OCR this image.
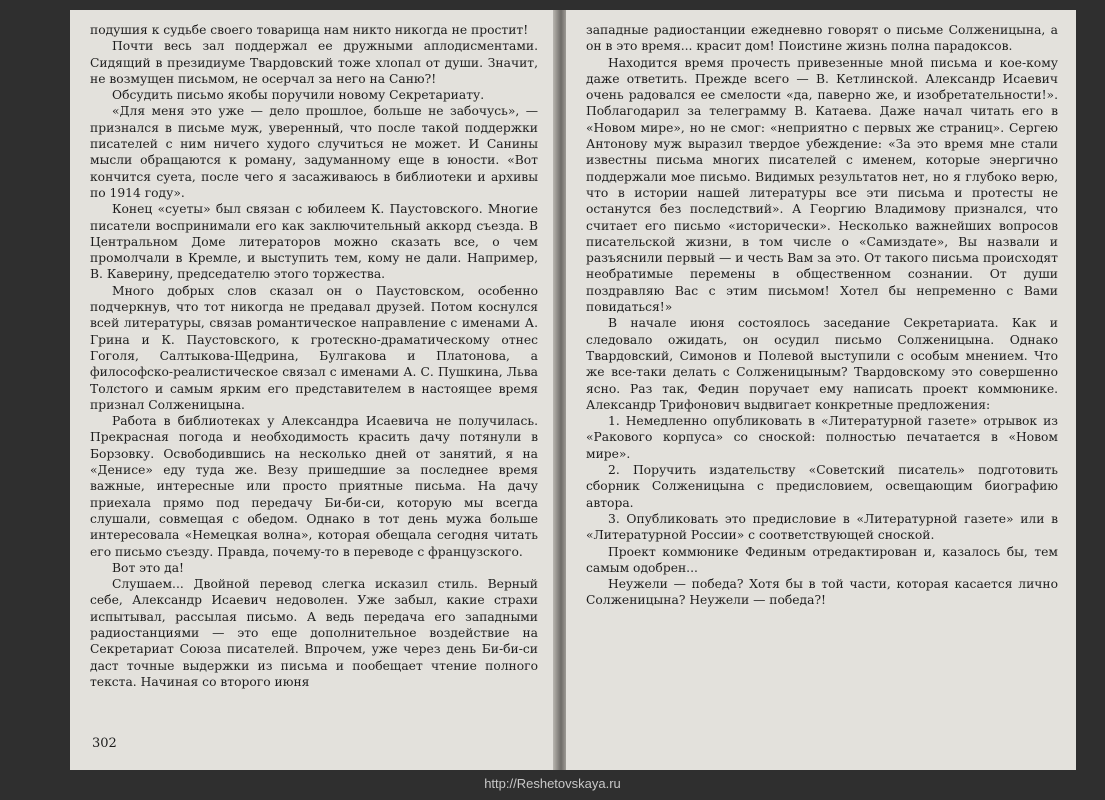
подушия к судьбе своего товарища нам никто никогда не простит!

Почти весь зал поддержал ее дружными аплодисментами. Сидящий в президиуме Твардовский тоже хлопал от души. Значит, не возмущен письмом, не осерчал за него на Саню?!

Обсудить письмо якобы поручили новому Секретариату.

«Для меня это уже — дело прошлое, больше не забочусь», — признался в письме муж, уверенный, что после такой поддержки писателей с ним ничего худого случиться не может. И Санины мысли обращаются к роману, задуманному еще в юности. «Вот кончится суета, после чего я засаживаюсь в библиотеки и архивы по 1914 году».

Конец «суеты» был связан с юбилеем К. Паустовского. Многие писатели воспринимали его как заключительный аккорд съезда. В Центральном Доме литераторов можно сказать все, о чем промолчали в Кремле, и выступить тем, кому не дали. Например, В. Каверину, председателю этого торжества.

Много добрых слов сказал он о Паустовском, особенно подчеркнув, что тот никогда не предавал друзей. Потом коснулся всей литературы, связав романтическое направление с именами А. Грина и К. Паустовского, к гротескно-драматическому отнес Гоголя, Салтыкова-Щедрина, Булгакова и Платонова, а философско-реалистическое связал с именами А. С. Пушкина, Льва Толстого и самым ярким его представителем в настоящее время признал Солженицына.

Работа в библиотеках у Александра Исаевича не получилась. Прекрасная погода и необходимость красить дачу потянули в Борзовку. Освободившись на несколько дней от занятий, я на «Денисе» еду туда же. Везу пришедшие за последнее время важные, интересные или просто приятные письма. На дачу приехала прямо под передачу Би-би-си, которую мы всегда слушали, совмещая с обедом. Однако в тот день мужа больше интересовала «Немецкая волна», которая обещала сегодня читать его письмо съезду. Правда, почему-то в переводе с французского.

Вот это да!

Слушаем... Двойной перевод слегка исказил стиль. Верный себе, Александр Исаевич недоволен. Уже забыл, какие страхи испытывал, рассылая письмо. А ведь передача его западными радиостанциями — это еще дополнительное воздействие на Секретариат Союза писателей. Впрочем, уже через день Би-би-си даст точные выдержки из письма и пообещает чтение полного текста. Начиная со второго июня

302

западные радиостанции ежедневно говорят о письме Солженицына, а он в это время... красит дом! Поистине жизнь полна парадоксов.

Находится время прочесть привезенные мной письма и кое-кому даже ответить. Прежде всего — В. Кетлинской. Александр Исаевич очень радовался ее смелости «да, паверно же, и изобретательности!». Поблагодарил за телеграмму В. Катаева. Даже начал читать его в «Новом мире», но не смог: «неприятно с первых же страниц». Сергею Антонову муж выразил твердое убеждение: «За это время мне стали известны письма многих писателей с именем, которые энергично поддержали мое письмо. Видимых результатов нет, но я глубоко верю, что в истории нашей литературы все эти письма и протесты не останутся без последствий». А Георгию Владимову признался, что считает его письмо «исторически». Несколько важнейших вопросов писательской жизни, в том числе о «Самиздате», Вы назвали и разъяснили первый — и честь Вам за это. От такого письма происходят необратимые перемены в общественном сознании. От души поздравляю Вас с этим письмом! Хотел бы непременно с Вами повидаться!»

В начале июня состоялось заседание Секретариата. Как и следовало ожидать, он осудил письмо Солженицына. Однако Твардовский, Симонов и Полевой выступили с особым мнением. Что же все-таки делать с Солженицыным? Твардовскому это совершенно ясно. Раз так, Федин поручает ему написать проект коммюнике. Александр Трифонович выдвигает конкретные предложения:

1. Немедленно опубликовать в «Литературной газете» отрывок из «Ракового корпуса» со сноской: полностью печатается в «Новом мире».

2. Поручить издательству «Советский писатель» подготовить сборник Солженицына с предисловием, освещающим биографию автора.

3. Опубликовать это предисловие в «Литературной газете» или в «Литературной России» с соответствующей сноской.

Проект коммюнике Фединым отредактирован и, казалось бы, тем самым одобрен...

Неужели — победа? Хотя бы в той части, которая касается лично Солженицына? Неужели — победа?!

http://Reshetovskaya.ru
